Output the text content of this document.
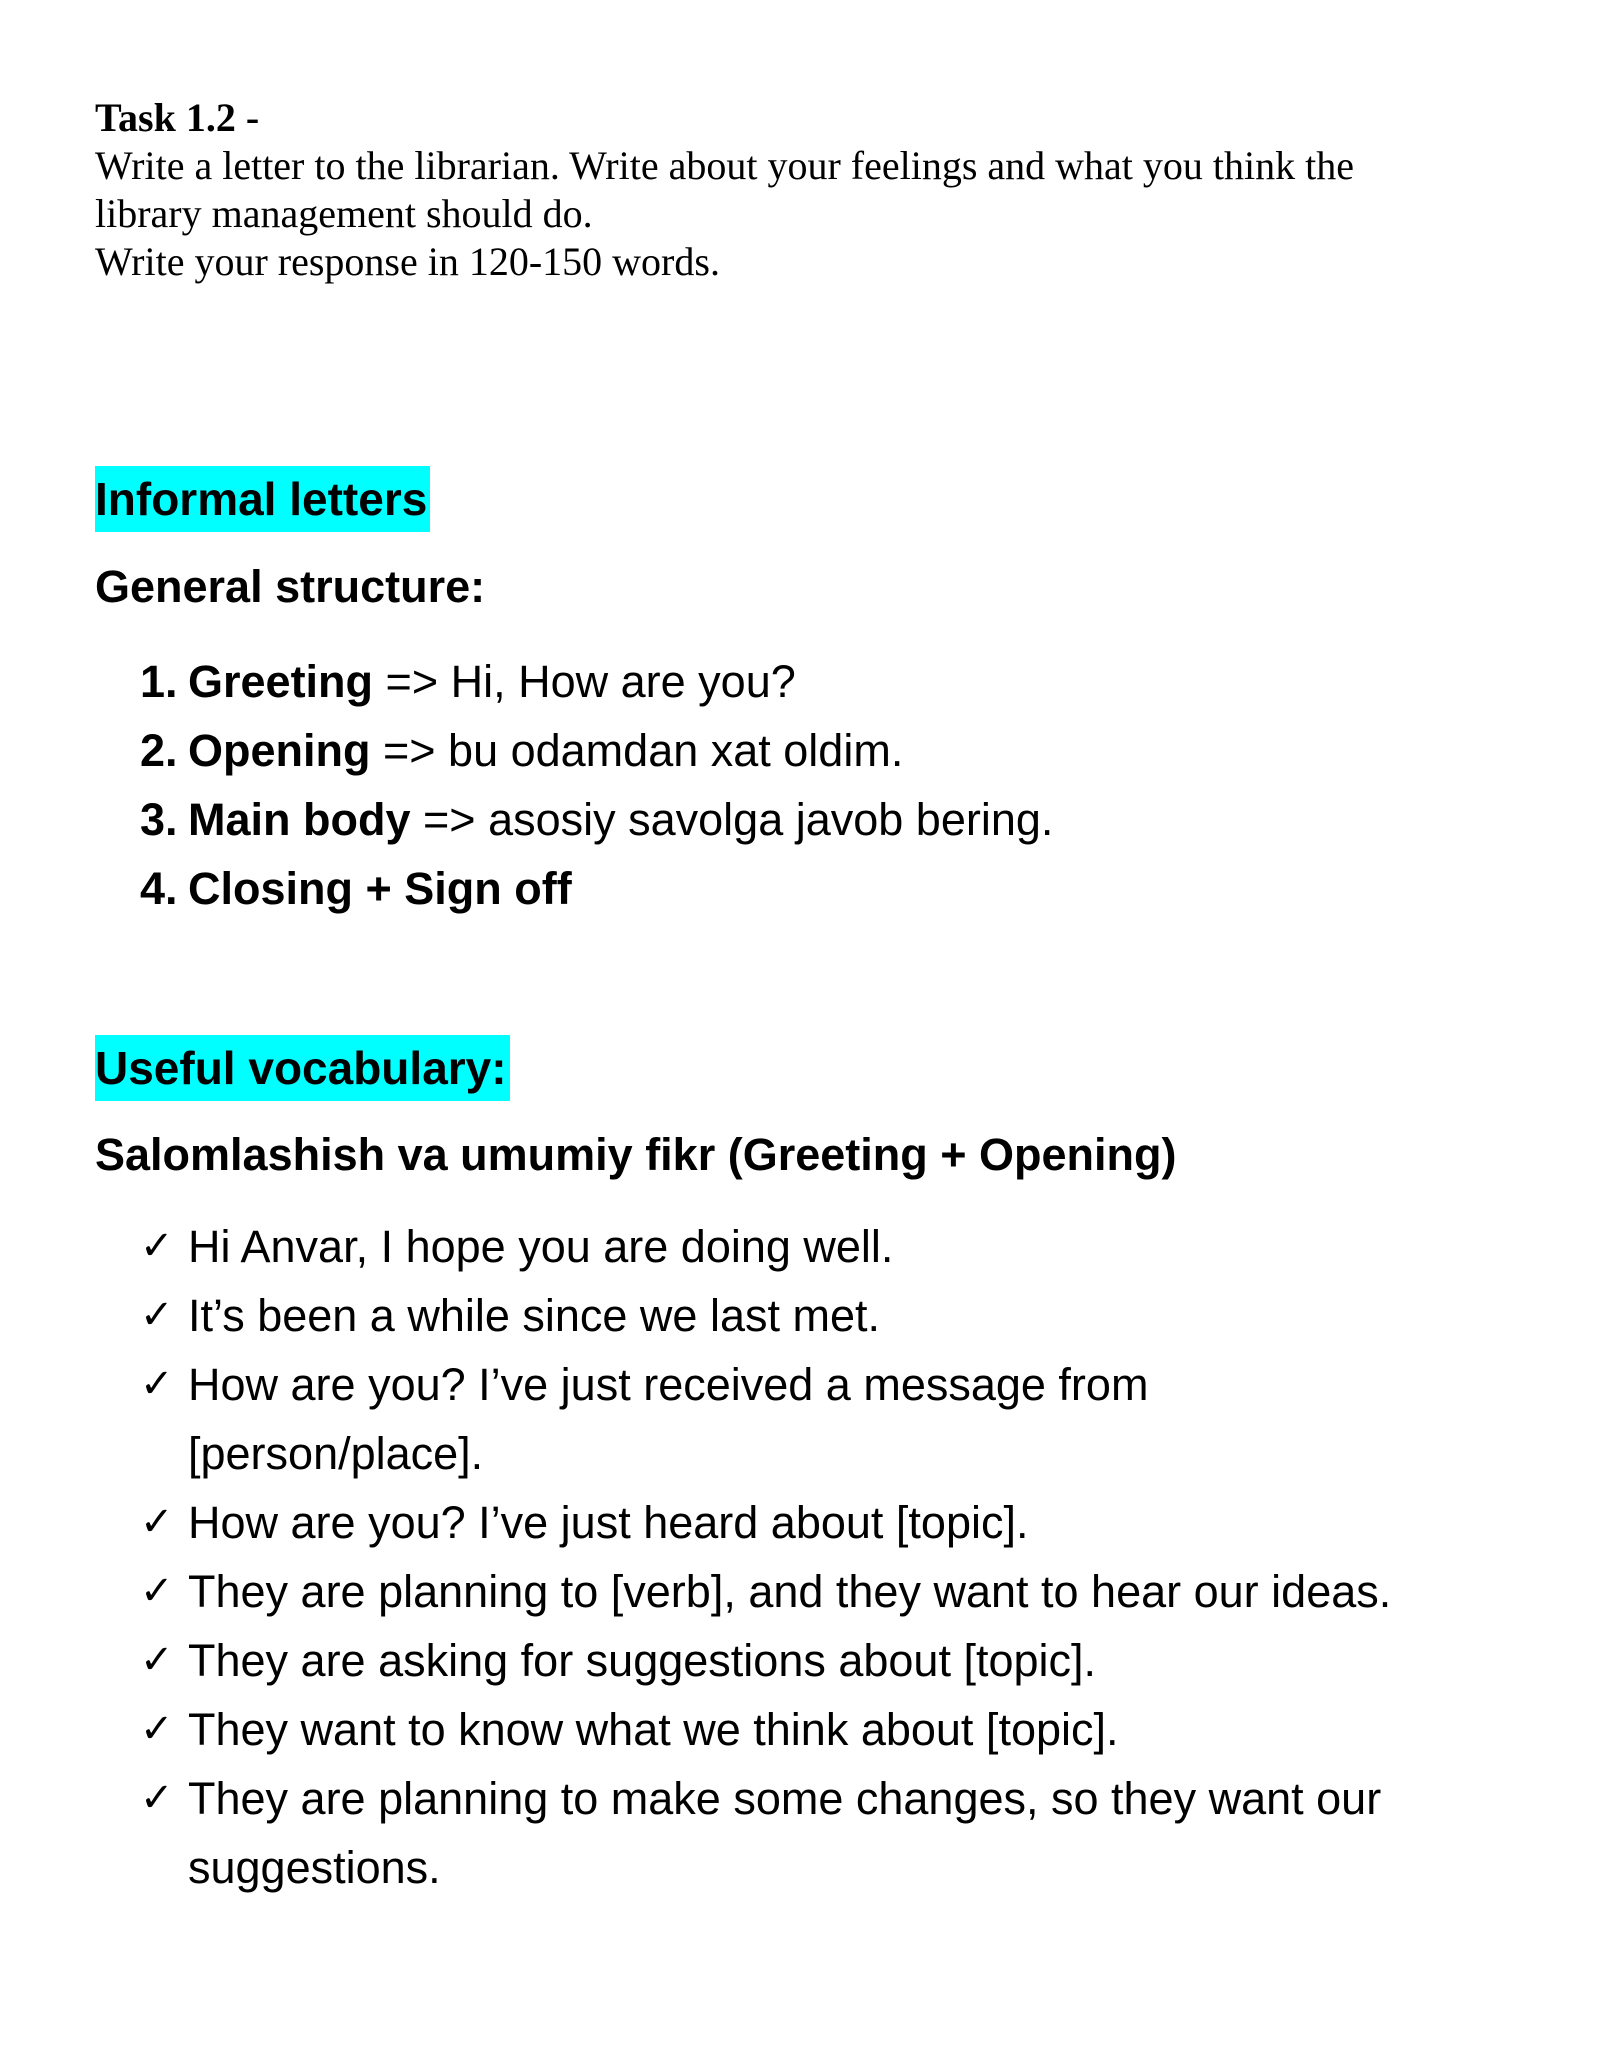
Task 1.2 -
Write a letter to the librarian. Write about your feelings and what you think the
library management should do.
Write your response in 120-150 words.
Informal letters
General structure:
1. Greeting => Hi, How are you?
2. Opening => bu odamdan xat oldim.
3. Main body => asosiy savolga javob bering.
4. Closing + Sign off
Useful vocabulary:
Salomlashish va umumiy fikr (Greeting + Opening)
✓ Hi Anvar, I hope you are doing well.
✓ It’s been a while since we last met.
✓ How are you? I’ve just received a message from
[person/place].
✓ How are you? I’ve just heard about [topic].
✓ They are planning to [verb], and they want to hear our ideas.
✓ They are asking for suggestions about [topic].
✓ They want to know what we think about [topic].
✓ They are planning to make some changes, so they want our
suggestions.
